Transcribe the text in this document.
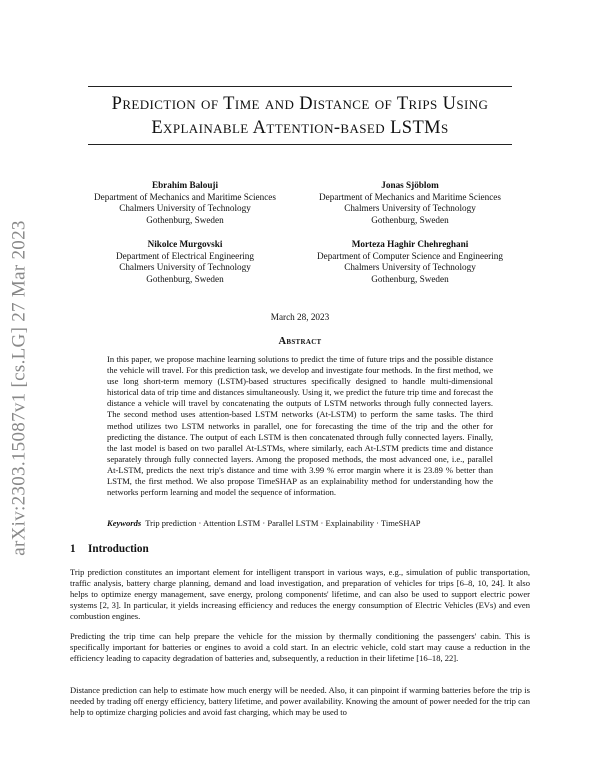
arXiv:2303.15087v1 [cs.LG] 27 Mar 2023
Prediction of Time and Distance of Trips Using
Explainable Attention-based LSTMs
Ebrahim Balouji
Department of Mechanics and Maritime Sciences
Chalmers University of Technology
Gothenburg, Sweden
Jonas Sjöblom
Department of Mechanics and Maritime Sciences
Chalmers University of Technology
Gothenburg, Sweden
Nikolce Murgovski
Department of Electrical Engineering
Chalmers University of Technology
Gothenburg, Sweden
Morteza Haghir Chehreghani
Department of Computer Science and Engineering
Chalmers University of Technology
Gothenburg, Sweden
March 28, 2023
Abstract
In this paper, we propose machine learning solutions to predict the time of future trips and the possible distance the vehicle will travel. For this prediction task, we develop and investigate four methods. In the first method, we use long short-term memory (LSTM)-based structures specifically designed to handle multi-dimensional historical data of trip time and distances simultaneously. Using it, we predict the future trip time and forecast the distance a vehicle will travel by concatenating the outputs of LSTM networks through fully connected layers. The second method uses attention-based LSTM networks (At-LSTM) to perform the same tasks. The third method utilizes two LSTM networks in parallel, one for forecasting the time of the trip and the other for predicting the distance. The output of each LSTM is then concatenated through fully connected layers. Finally, the last model is based on two parallel At-LSTMs, where similarly, each At-LSTM predicts time and distance separately through fully connected layers. Among the proposed methods, the most advanced one, i.e., parallel At-LSTM, predicts the next trip's distance and time with 3.99 % error margin where it is 23.89 % better than LSTM, the first method. We also propose TimeSHAP as an explainability method for understanding how the networks perform learning and model the sequence of information.
Keywords Trip prediction · Attention LSTM · Parallel LSTM · Explainability · TimeSHAP
1 Introduction
Trip prediction constitutes an important element for intelligent transport in various ways, e.g., simulation of public transportation, traffic analysis, battery charge planning, demand and load investigation, and preparation of vehicles for trips [6–8, 10, 24]. It also helps to optimize energy management, save energy, prolong components' lifetime, and can also be used to support electric power systems [2, 3]. In particular, it yields increasing efficiency and reduces the energy consumption of Electric Vehicles (EVs) and even combustion engines.
Predicting the trip time can help prepare the vehicle for the mission by thermally conditioning the passengers' cabin. This is specifically important for batteries or engines to avoid a cold start. In an electric vehicle, cold start may cause a reduction in the efficiency leading to capacity degradation of batteries and, subsequently, a reduction in their lifetime [16–18, 22].
Distance prediction can help to estimate how much energy will be needed. Also, it can pinpoint if warming batteries before the trip is needed by trading off energy efficiency, battery lifetime, and power availability. Knowing the amount of power needed for the trip can help to optimize charging policies and avoid fast charging, which may be used to
